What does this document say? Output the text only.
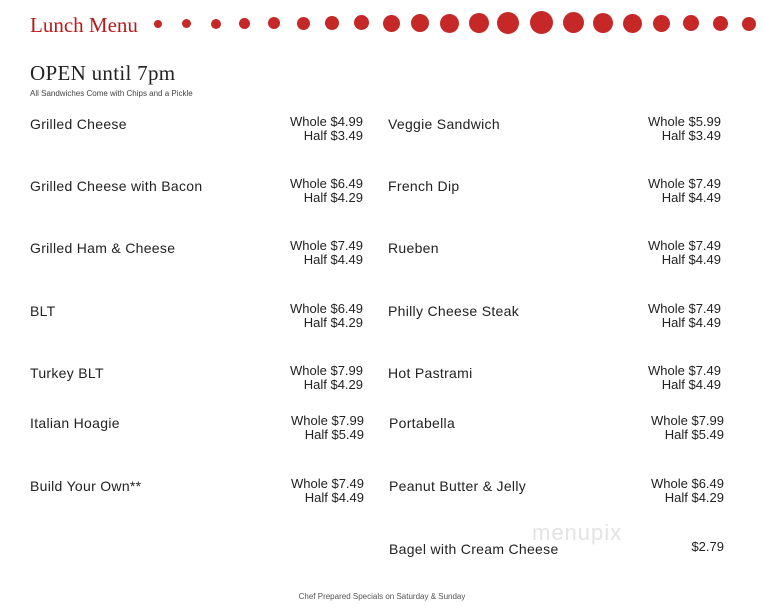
Lunch Menu
OPEN until 7pm
All Sandwiches Come with Chips and a Pickle
Grilled Cheese	Whole $4.99
Half $3.49
Grilled Cheese with Bacon	Whole $6.49
Half $4.29
Grilled Ham & Cheese	Whole $7.49
Half $4.49
BLT	Whole $6.49
Half $4.29
Turkey BLT	Whole $7.99
Half $4.29
Italian Hoagie	Whole $7.99
Half $5.49
Build Your Own**	Whole $7.49
Half $4.49
Veggie Sandwich	Whole $5.99
Half $3.49
French Dip	Whole $7.49
Half $4.49
Rueben	Whole $7.49
Half $4.49
Philly Cheese Steak	Whole $7.49
Half $4.49
Hot Pastrami	Whole $7.49
Half $4.49
Portabella	Whole $7.99
Half $5.49
Peanut Butter & Jelly	Whole $6.49
Half $4.29
Bagel with Cream Cheese	$2.79
menupix
Chef Prepared Specials on Saturday & Sunday
